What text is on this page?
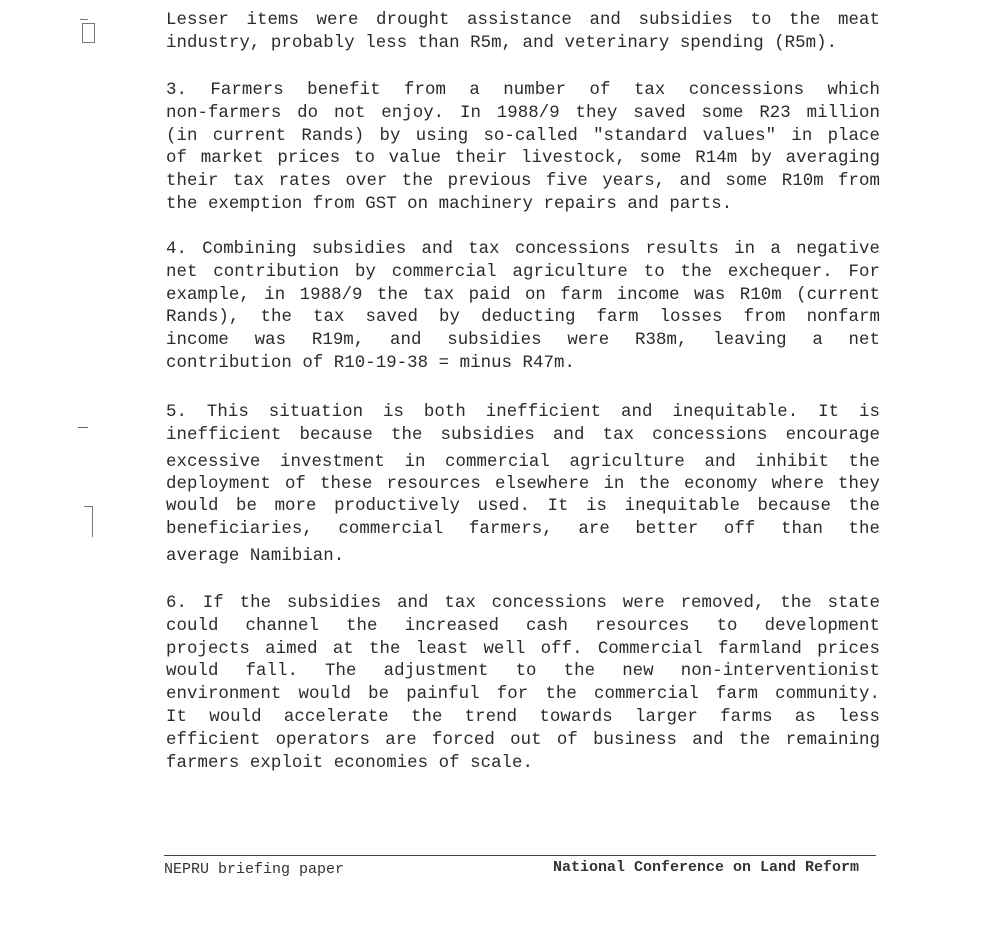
Lesser items were drought assistance and subsidies to the meat
industry, probably less than R5m, and veterinary spending (R5m).
3. Farmers benefit from a number of tax concessions which
non-farmers do not enjoy. In 1988/9 they saved some R23 million
(in current Rands) by using so-called "standard values" in place
of market prices to value their livestock, some R14m by averaging
their tax rates over the previous five years, and some R10m from
the exemption from GST on machinery repairs and parts.
4. Combining subsidies and tax concessions results in a negative
net contribution by commercial agriculture to the exchequer. For
example, in 1988/9 the tax paid on farm income was R10m (current
Rands), the tax saved by deducting farm losses from nonfarm
income was R19m, and subsidies were R38m, leaving a net
contribution of R10-19-38 = minus R47m.
5. This situation is both inefficient and inequitable. It is
inefficient because the subsidies and tax concessions encourage
excessive investment in commercial agriculture and inhibit the
deployment of these resources elsewhere in the economy where they
would be more productively used. It is inequitable because the
beneficiaries, commercial farmers, are better off than the
average Namibian.
6. If the subsidies and tax concessions were removed, the state
could channel the increased cash resources to development
projects aimed at the least well off. Commercial farmland prices
would fall. The adjustment to the new non-interventionist
environment would be painful for the commercial farm community.
It would accelerate the trend towards larger farms as less
efficient operators are forced out of business and the remaining
farmers exploit economies of scale.
NEPRU briefing paper	National Conference on Land Reform
